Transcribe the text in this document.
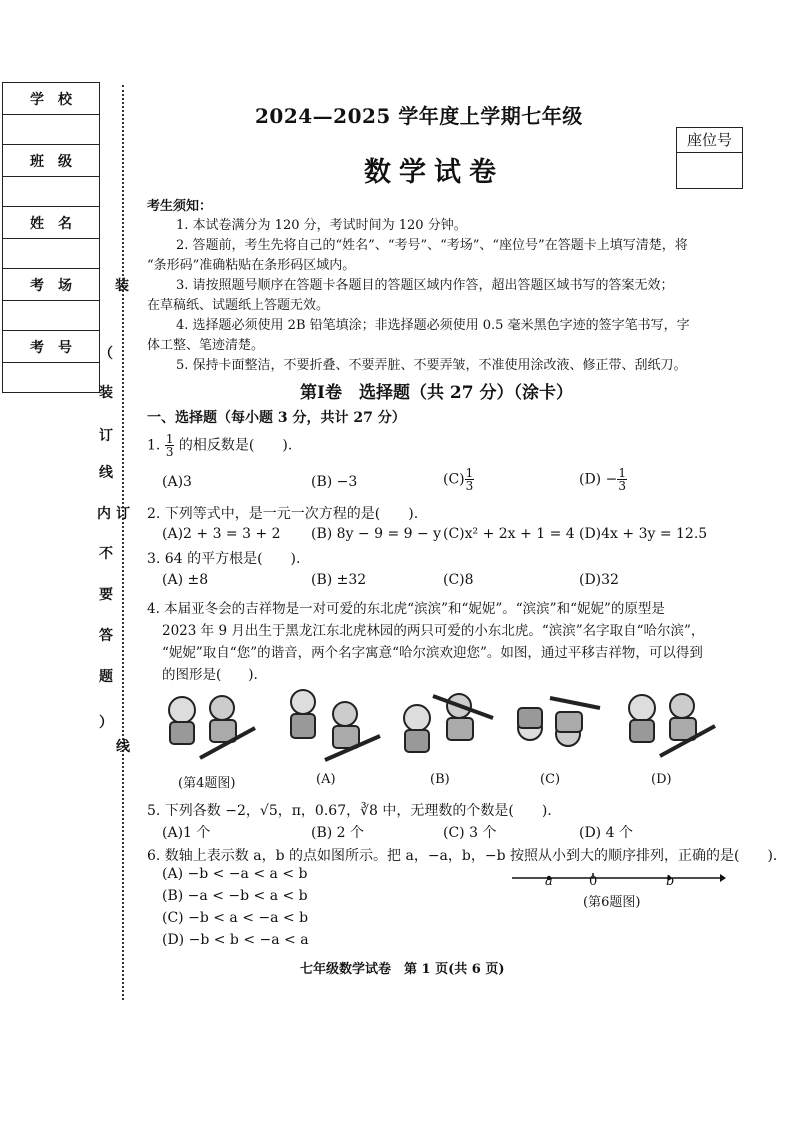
学　校
班　级
姓　名
考　场
考　号
装
（
装
订
线
内
不
要
答
题
）
订
线
2024—2025 学年度上学期七年级
数学试卷
座位号
考生须知：
1. 本试卷满分为 120 分，考试时间为 120 分钟。
2. 答题前，考生先将自己的“姓名”、“考号”、“考场”、“座位号”在答题卡上填写清楚，将
“条形码”准确粘贴在条形码区域内。
3. 请按照题号顺序在答题卡各题目的答题区域内作答，超出答题区域书写的答案无效；
在草稿纸、试题纸上答题无效。
4. 选择题必须使用 2B 铅笔填涂；非选择题必须使用 0.5 毫米黑色字迹的签字笔书写，字
体工整、笔迹清楚。
5. 保持卡面整洁，不要折叠、不要弄脏、不要弄皱，不准使用涂改液、修正带、刮纸刀。
第Ⅰ卷　选择题（共 27 分）（涂卡）
一、选择题（每小题 3 分，共计 27 分）
1. $\frac{1}{3}$ 的相反数是(　　).
(A)3	(B) −3	$(C) \frac{1}{3}$	$(D) - \frac{1}{3}$
2. 下列等式中，是一元一次方程的是(　　).
(A)2 + 3 = 3 + 2 (B) 8y − 9 = 9 − y (C)x² + 2x + 1 = 4 (D)4x + 3y = 12.5
3. 64 的平方根是(　　).
(A) ±8	(B) ±32	(C)8	(D)32
4. 本届亚冬会的吉祥物是一对可爱的东北虎“滨滨”和“妮妮”。“滨滨”和“妮妮”的原型是
2023 年 9 月出生于黑龙江东北虎林园的两只可爱的小东北虎。“滨滨”名字取自“哈尔滨”，
“妮妮”取自“您”的谐音，两个名字寓意“哈尔滨欢迎您”。如图，通过平移吉祥物，可以得到
的图形是(　　).
(第4题图)	(A)	(B)	(C)	(D)
5. 下列各数 −2，√5，π，0.67，∛8 中，无理数的个数是(　　).
(A)1 个	(B) 2 个	(C) 3 个	(D) 4 个
6. 数轴上表示数 a，b 的点如图所示。把 a，−a，b，−b 按照从小到大的顺序排列，正确的是(　　).
(A) −b < −a < a < b
(B) −a < −b < a < b
(C) −b < a < −a < b
(D) −b < b < −a < a
a	0	b
(第6题图)
七年级数学试卷　第 1 页(共 6 页)
